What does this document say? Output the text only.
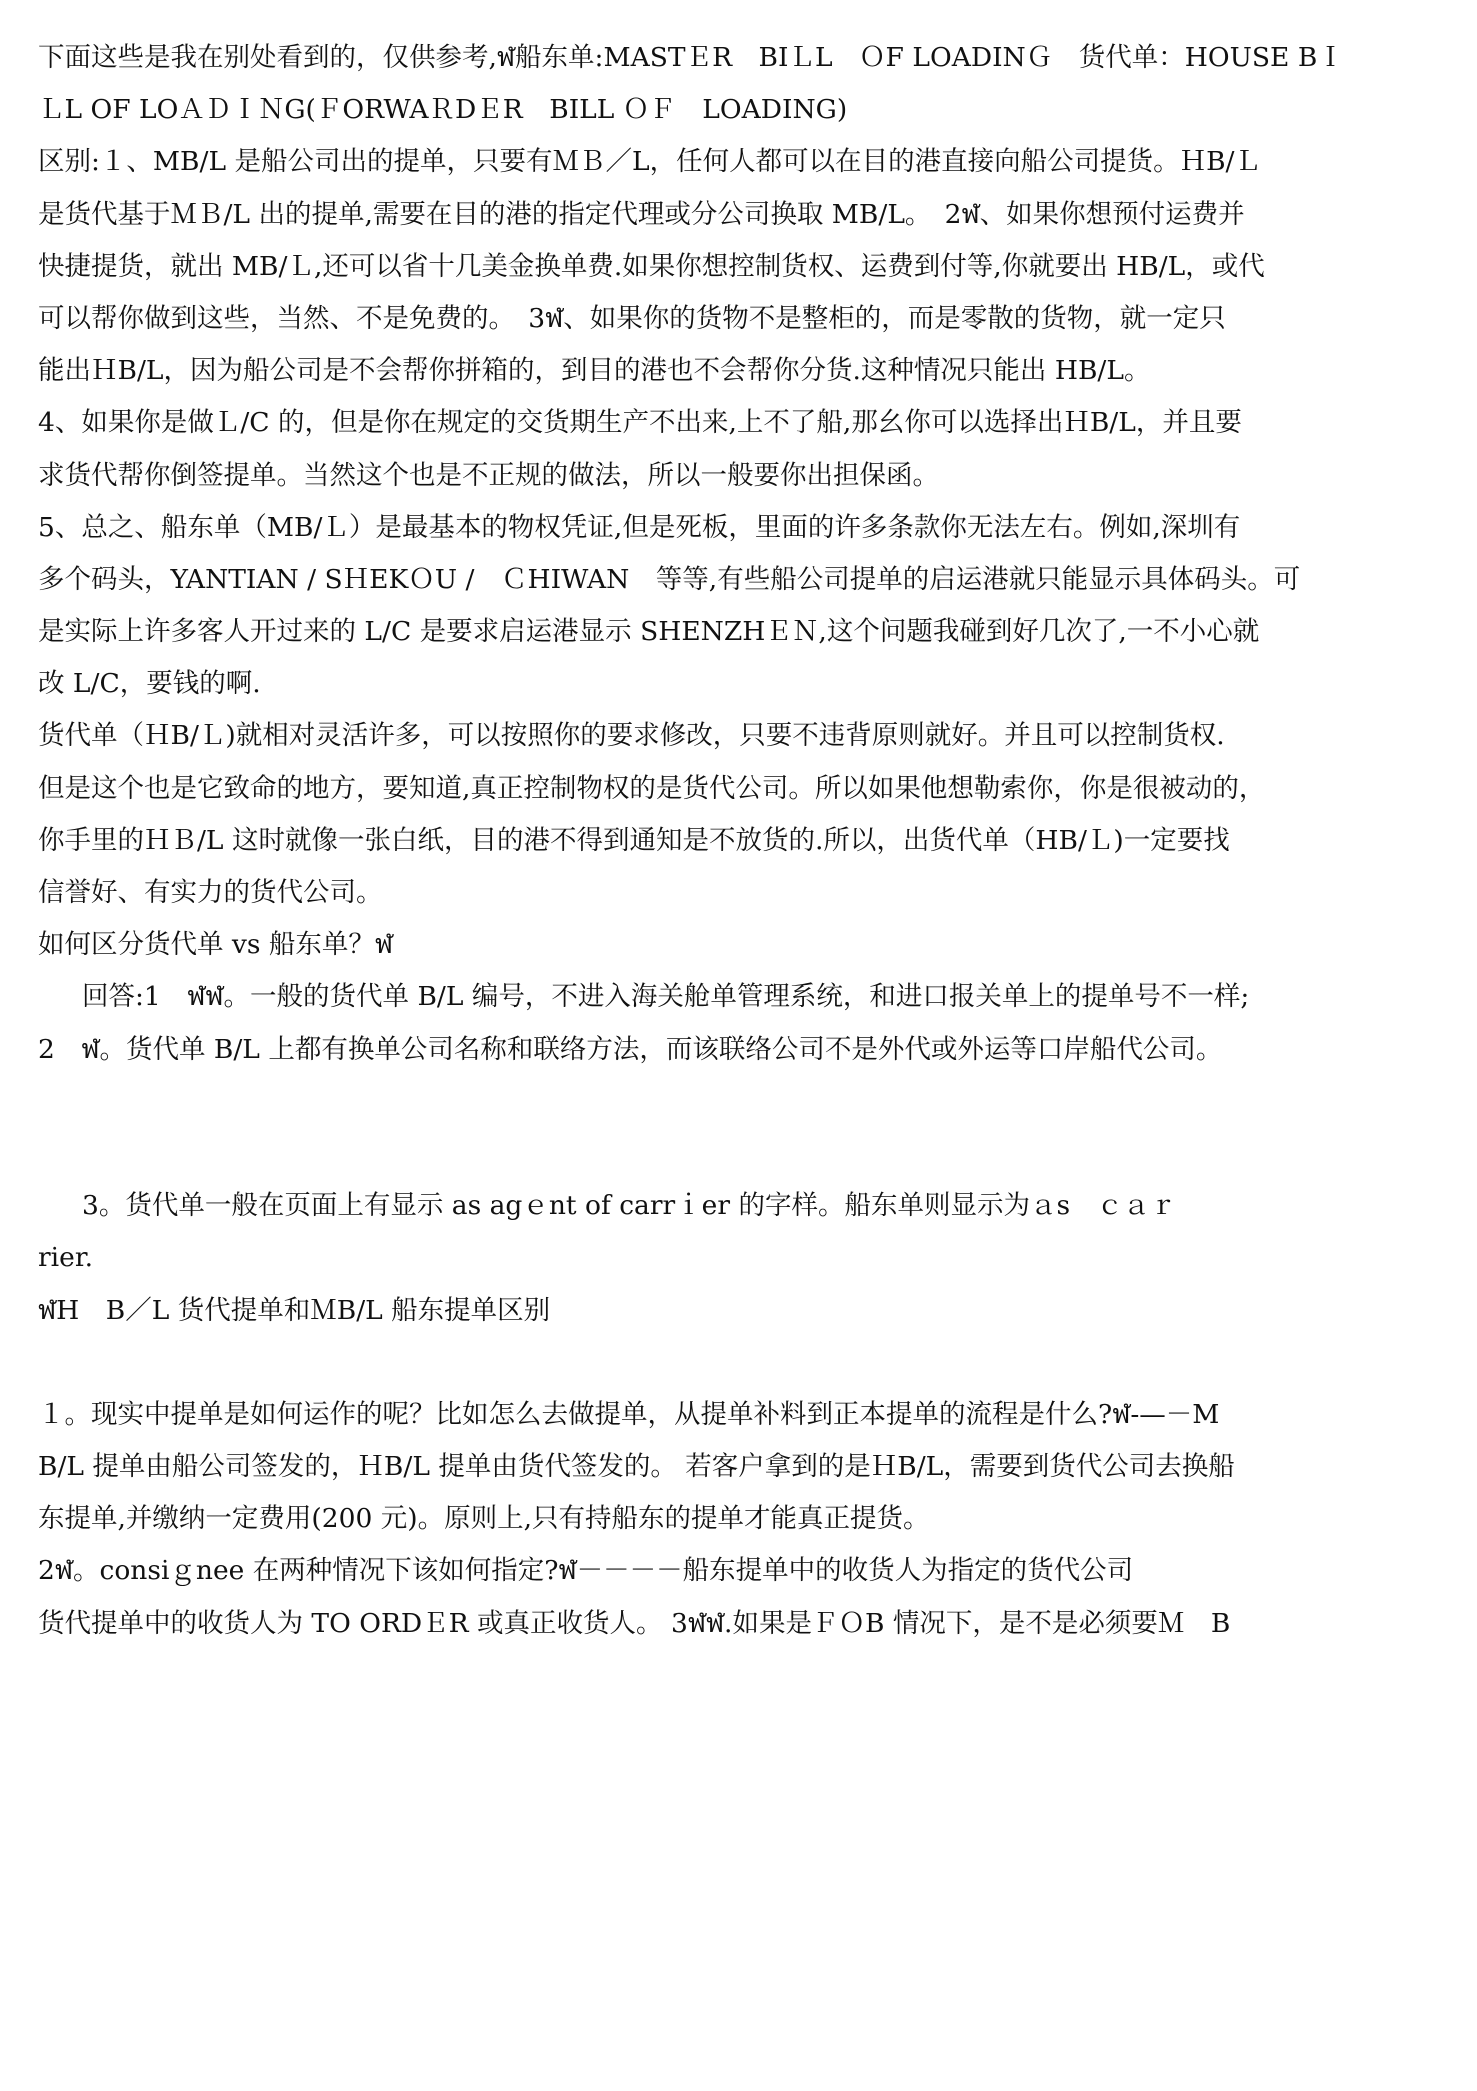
下面这些是我在别处看到的，仅供参考,ฬ船东单:MASTＥR　BIＬL　ＯF LOADINＧ　货代单：HOUSE BＩ
ＬL OF LOＡＤＩＮG(ＦORWAＲDＥR　BILL ＯＦ　LOADING)
区别:１、MB/L 是船公司出的提单，只要有ＭＢ／L，任何人都可以在目的港直接向船公司提货。ＨB/Ｌ
是货代基于ＭＢ/L 出的提单,需要在目的港的指定代理或分公司换取 MB/L。　2ฬ、如果你想预付运费并
快捷提货，就出 MB/Ｌ,还可以省十几美金换单费.如果你想控制货权、运费到付等,你就要出 HB/L，或代
可以帮你做到这些，当然、不是免费的。　3ฬ、如果你的货物不是整柜的，而是零散的货物，就一定只
能出ＨB/L，因为船公司是不会帮你拼箱的，到目的港也不会帮你分货.这种情况只能出 HB/L。
4、如果你是做Ｌ/C 的，但是你在规定的交货期生产不出来,上不了船,那幺你可以选择出ＨB/L，并且要
求货代帮你倒签提单。当然这个也是不正规的做法，所以一般要你出担保函。
5、总之、船东单（MB/Ｌ）是最基本的物权凭证,但是死板，里面的许多条款你无法左右。例如,深圳有
多个码头，YANTIAN / SＨEKＯU /　ＣHIWAN　等等,有些船公司提单的启运港就只能显示具体码头。可
是实际上许多客人开过来的 L/C 是要求启运港显示 SHENZHＥＮ,这个问题我碰到好几次了,一不小心就
改 L/C，要钱的啊.
货代单（ＨB/Ｌ)就相对灵活许多，可以按照你的要求修改，只要不违背原则就好。并且可以控制货权.
但是这个也是它致命的地方，要知道,真正控制物权的是货代公司。所以如果他想勒索你，你是很被动的，
你手里的ＨＢ/L 这时就像一张白纸，目的港不得到通知是不放货的.所以，出货代单（HB/Ｌ)一定要找
信誉好、有实力的货代公司。
如何区分货代单 vs 船东单？ฬ
回答:1　ฬฬ。一般的货代单 B/L 编号，不进入海关舱单管理系统，和进口报关单上的提单号不一样;
2　ฬ。货代单 B/L 上都有换单公司名称和联络方法，而该联络公司不是外代或外运等口岸船代公司。
3。货代单一般在页面上有显示 as agｅnt of carrｉer 的字样。船东单则显示为ａs　ｃａｒ
rier.
ฬH　B／L 货代提单和ＭB/L 船东提单区别
１。现实中提单是如何运作的呢？比如怎么去做提单，从提单补料到正本提单的流程是什么?ฬ-—－M
B/L 提单由船公司签发的，ＨB/L 提单由货代签发的。 若客户拿到的是ＨB/L，需要到货代公司去换船
东提单,并缴纳一定费用(200 元)。原则上,只有持船东的提单才能真正提货。
2ฬ。consiｇnee 在两种情况下该如何指定?ฬ－－－－船东提单中的收货人为指定的货代公司
货代提单中的收货人为 TO ORDＥR 或真正收货人。 3ฬฬ.如果是ＦＯB 情况下，是不是必须要Ｍ　B
